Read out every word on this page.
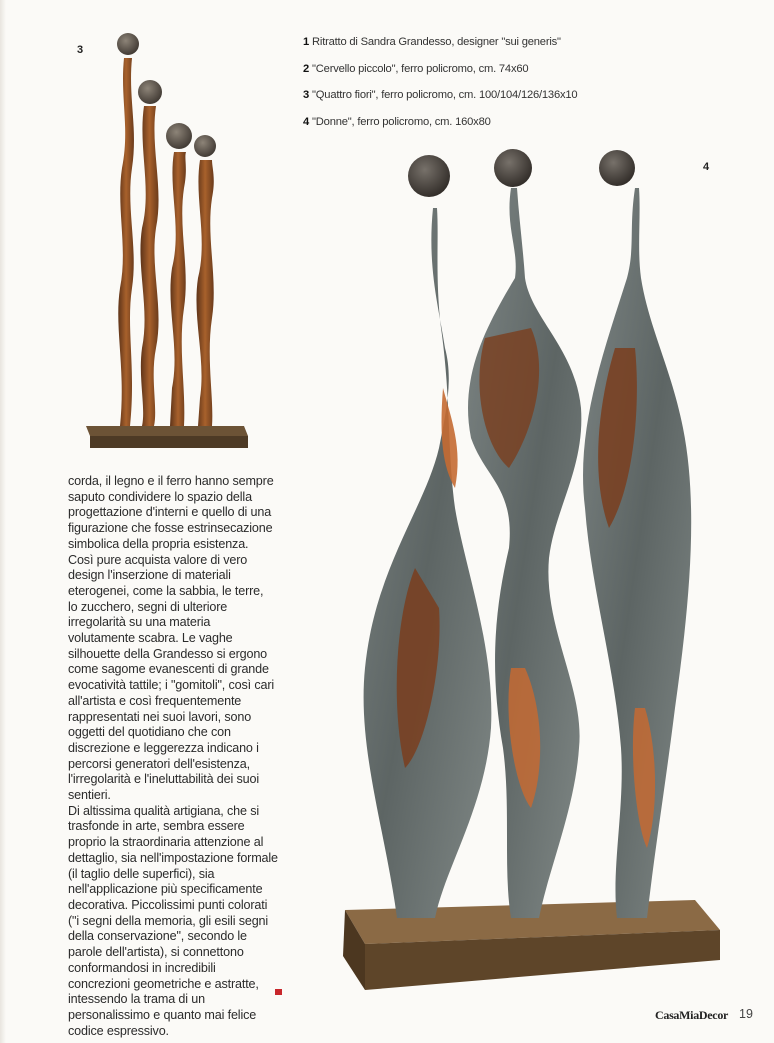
3
4

1 Ritratto di Sandra Grandesso, designer "sui generis"

2 "Cervello piccolo", ferro policromo, cm. 74x60

3 "Quattro fiori", ferro policromo, cm. 100/104/126/136x10

4 "Donne", ferro policromo, cm. 160x80

corda, il legno e il ferro hanno sempre
saputo condividere lo spazio della
progettazione d'interni e quello di una
figurazione che fosse estrinsecazione
simbolica della propria esistenza.
Così pure acquista valore di vero
design l'inserzione di materiali
eterogenei, come la sabbia, le terre,
lo zucchero, segni di ulteriore
irregolarità su una materia
volutamente scabra. Le vaghe
silhouette della Grandesso si ergono
come sagome evanescenti di grande
evocatività tattile; i "gomitoli", così cari
all'artista e così frequentemente
rappresentati nei suoi lavori, sono
oggetti del quotidiano che con
discrezione e leggerezza indicano i
percorsi generatori dell'esistenza,
l'irregolarità e l'ineluttabilità dei suoi
sentieri.
Di altissima qualità artigiana, che si
trasfonde in arte, sembra essere
proprio la straordinaria attenzione al
dettaglio, sia nell'impostazione formale
(il taglio delle superfici), sia
nell'applicazione più specificamente
decorativa. Piccolissimi punti colorati
("i segni della memoria, gli esili segni
della conservazione", secondo le
parole dell'artista), si connettono
conformandosi in incredibili
concrezioni geometriche e astratte,
intessendo la trama di un
personalissimo e quanto mai felice
codice espressivo.
CasaMiaDecor 19
